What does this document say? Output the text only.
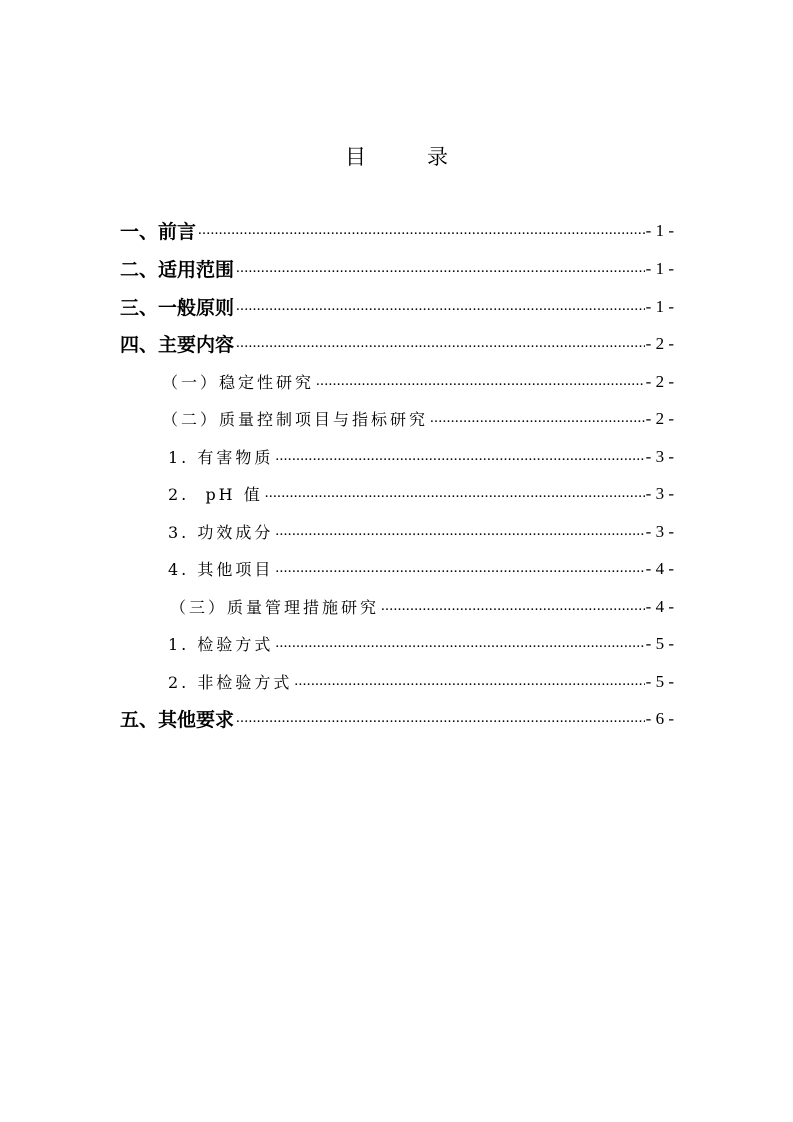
目　录
一、前言 .....	- 1 -
二、适用范围 .....	- 1 -
三、一般原则 .....	- 1 -
四、主要内容 .....	- 2 -
（一）稳定性研究 .....	- 2 -
（二）质量控制项目与指标研究 .....	- 2 -
1. 有害物质 .....	- 3 -
2.  pH 值 .....	- 3 -
3. 功效成分 .....	- 3 -
4. 其他项目 .....	- 4 -
（三）质量管理措施研究 .....	- 4 -
1. 检验方式 .....	- 5 -
2. 非检验方式 .....	- 5 -
五、其他要求 .....	- 6 -
